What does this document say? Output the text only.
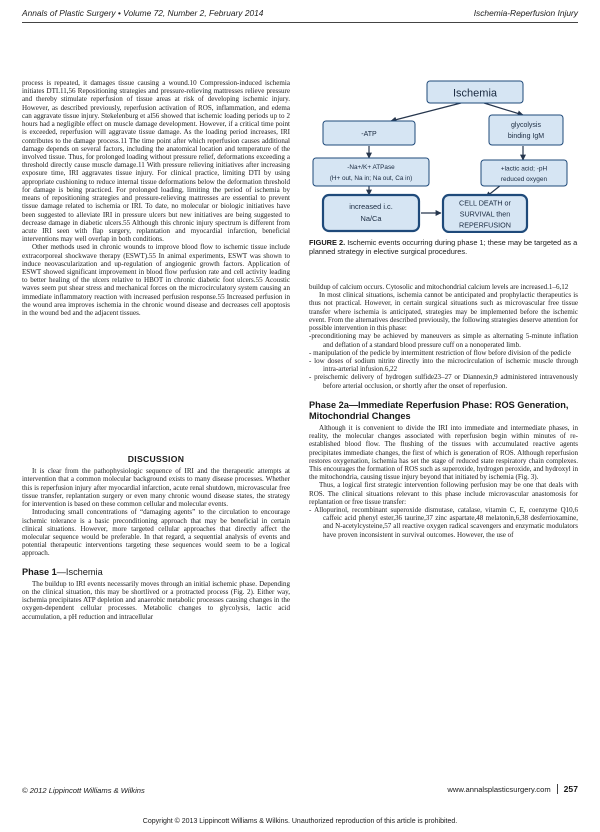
Annals of Plastic Surgery • Volume 72, Number 2, February 2014	Ischemia-Reperfusion Injury

process is repeated, it damages tissue causing a wound.10 Compression-induced ischemia initiates DTI.11,56 Repositioning strategies and pressure-relieving mattresses relieve pressure and thereby stimulate reperfusion of tissue areas at risk of developing ischemic injury. However, as described previously, reperfusion activation of ROS, inflammation, and edema can aggravate tissue injury. Stekelenburg et al56 showed that ischemic loading periods up to 2 hours had a negligible effect on muscle damage development. However, if a critical time point is exceeded, reperfusion will aggravate tissue damage. As the loading period increases, IRI contributes to the damage process.11 The time point after which reperfusion causes additional damage depends on several factors, including the anatomical location and temperature of the involved tissue. Thus, for prolonged loading without pressure relief, deformations exceeding a threshold directly cause muscle damage.11 With pressure relieving initiatives after increasing exposure time, IRI aggravates tissue injury. For clinical practice, limiting DTI by using appropriate cushioning to reduce internal tissue deformations below the deformation threshold for damage is being practiced. For prolonged loading, limiting the period of ischemia by means of repositioning strategies and pressure-relieving mattresses are essential to prevent tissue damage related to ischemia or IRI. To date, no molecular or biologic initiatives have been suggested to alleviate IRI in pressure ulcers but new initiatives are being suggested to decrease damage in diabetic ulcers.55 Although this chronic injury spectrum is different from acute IRI seen with flap surgery, replantation and myocardial infarction, beneficial interventions may well overlap in both conditions.

Other methods used in chronic wounds to improve blood flow to ischemic tissue include extracorporeal shockwave therapy (ESWT).55 In animal experiments, ESWT was shown to induce neovascularization and up-regulation of angiogenic growth factors. Application of ESWT showed significant improvement in blood flow perfusion rate and cell activity leading to better healing of the ulcers relative to HBOT in chronic diabetic foot ulcers.55 Acoustic waves seem put shear stress and mechanical forces on the microcirculatory system causing an immediate inflammatory reaction with increased perfusion response.55 Increased perfusion in the wound area improves ischemia in the chronic wound disease and decreases cell apoptosis in the wound bed and the adjacent tissues.

DISCUSSION

It is clear from the pathophysiologic sequence of IRI and the therapeutic attempts at intervention that a common molecular background exists to many disease processes. Whether this is reperfusion injury after myocardial infarction, acute renal shutdown, microvascular free tissue transfer, replantation surgery or even many chronic wound disease states, the strategy for intervention is based on these common cellular and molecular events.

Introducing small concentrations of “damaging agents” to the circulation to encourage ischemic tolerance is a basic preconditioning approach that may be beneficial in certain clinical situations. However, more targeted cellular approaches that directly affect the molecular sequence would be preferable. In that regard, a sequential analysis of events and potential therapeutic interventions targeting these sequences would seem to be a logical approach.

Phase 1—Ischemia

The buildup to IRI events necessarily moves through an initial ischemic phase. Depending on the clinical situation, this may be shortlived or a protracted process (Fig. 2). Either way, ischemia precipitates ATP depletion and anaerobic metabolic processes causing changes in the oxygen-dependent cellular processes. Metabolic changes to glycolysis, lactic acid accumulation, a pH reduction and intracellular

Ischemia
-ATP
glycolysis
binding IgM
-Na+/K+ ATPase
(H+ out, Na in; Na out, Ca in)
+lactic acid; -pH
reduced oxygen
increased i.c.
Na/Ca
CELL DEATH or
SURVIVAL then
REPERFUSION
FIGURE 2. Ischemic events occurring during phase 1; these may be targeted as a planned strategy in elective surgical procedures.

buildup of calcium occurs. Cytosolic and mitochondrial calcium levels are increased.1–6,12

In most clinical situations, ischemia cannot be anticipated and prophylactic therapeutics is thus not practical. However, in certain surgical situations such as microvascular free tissue transfer where ischemia is anticipated, strategies may be implemented before the ischemic event. From the alternatives described previously, the following strategies deserve attention for possible intervention in this phase:

-preconditioning may be achieved by maneuvers as simple as alternating 5-minute inflation and deflation of a standard blood pressure cuff on a nonoperated limb.
- manipulation of the pedicle by intermittent restriction of flow before division of the pedicle
- low doses of sodium nitrite directly into the microcirculation of ischemic muscle through intra-arterial infusion.6,22
- preischemic delivery of hydrogen sulfide23–27 or Diannexin,9 administered intravenously before arterial occlusion, or shortly after the onset of reperfusion.
Phase 2a—Immediate Reperfusion Phase: ROS Generation, Mitochondrial Changes

Although it is convenient to divide the IRI into immediate and intermediate phases, in reality, the molecular changes associated with reperfusion begin within minutes of re-established blood flow. The flushing of the tissues with accumulated reactive agents precipitates immediate changes, the first of which is generation of ROS. Although reperfusion restores oxygenation, ischemia has set the stage of reduced state respiratory chain complexes. This encourages the formation of ROS such as superoxide, hydrogen peroxide, and hydroxyl in the mitochondria, causing tissue injury beyond that initiated by ischemia (Fig. 3).

Thus, a logical first strategic intervention following perfusion may be one that deals with ROS. The clinical situations relevant to this phase include microvascular anastomosis for replantation or free tissue transfer:

- Allopurinol, recombinant superoxide dismutase, catalase, vitamin C, E, coenzyme Q10,6 caffeic acid phenyl ester,36 taurine,37 zinc aspartate,48 melatonin,6,38 desferrioxamine, and N-acetylcysteine,57 all reactive oxygen radical scavengers and enzymatic modulators have proven inconsistent in survival outcomes. However, the use of
© 2012 Lippincott Williams & Wilkins	www.annalsplasticsurgery.com 257
Copyright © 2013 Lippincott Williams & Wilkins. Unauthorized reproduction of this article is prohibited.
